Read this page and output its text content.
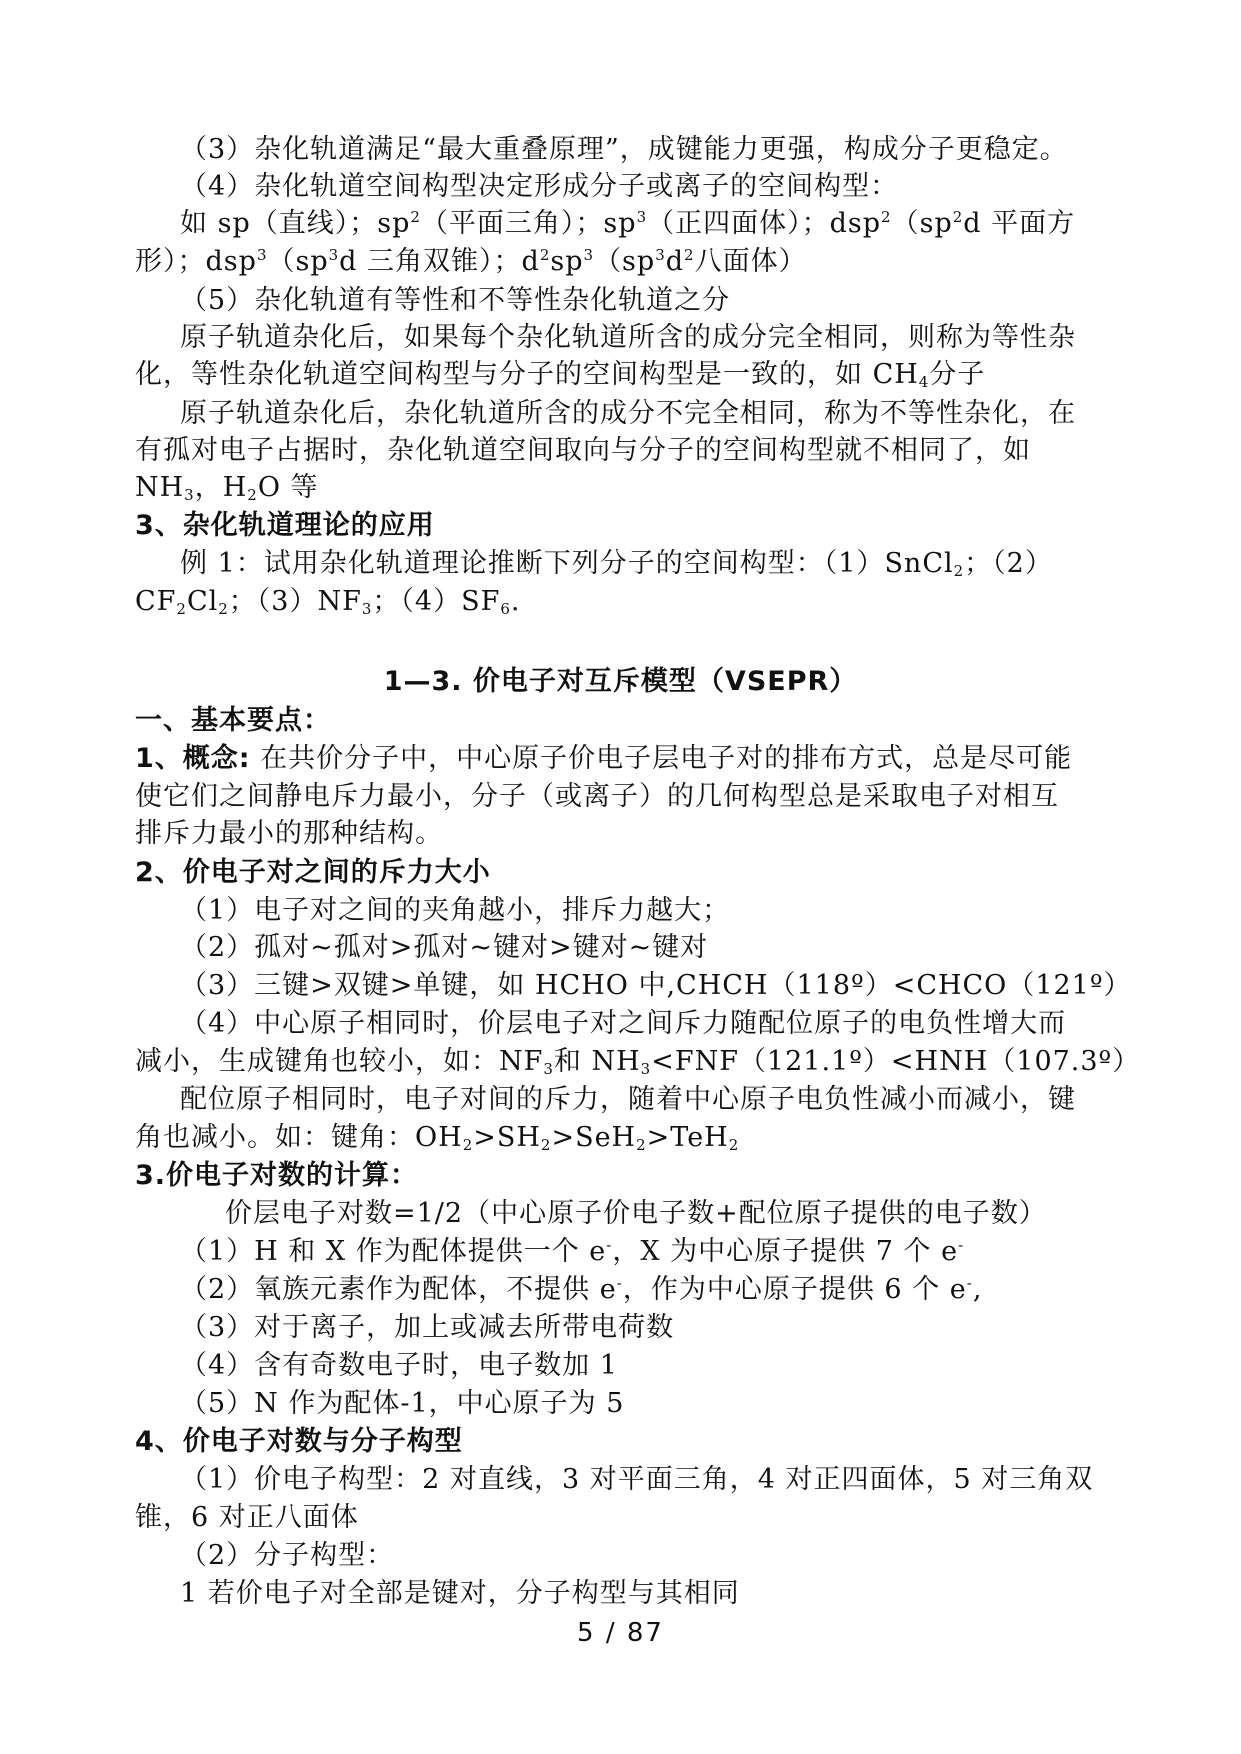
（3）杂化轨道满足“最大重叠原理”，成键能力更强，构成分子更稳定。
（4）杂化轨道空间构型决定形成分子或离子的空间构型：
如 sp（直线）；$sp^2$（平面三角）；$sp^3$（正四面体）；$dsp^2(sp^2d$ 平面方
形）；$dsp^3(sp^3d$ 三角双锥）；$d^2sp^3(sp^3d^2$八面体）
（5）杂化轨道有等性和不等性杂化轨道之分
原子轨道杂化后，如果每个杂化轨道所含的成分完全相同，则称为等性杂
化，等性杂化轨道空间构型与分子的空间构型是一致的，如 $CH_4$分子
原子轨道杂化后，杂化轨道所含的成分不完全相同，称为不等性杂化，在
有孤对电子占据时，杂化轨道空间取向与分子的空间构型就不相同了，如
$NH_3$，$H_2O$ 等
3、杂化轨道理论的应用
例 1：试用杂化轨道理论推断下列分子的空间构型：（1）SnCl$_2$；（2）
$CF_2Cl_2$；$(3)NF_3$；$(4)SF_6$.
1—3. 价电子对互斥模型（VSEPR）
一、基本要点：
1、概念: 在共价分子中，中心原子价电子层电子对的排布方式，总是尽可能
使它们之间静电斥力最小，分子（或离子）的几何构型总是采取电子对相互
排斥力最小的那种结构。
2、价电子对之间的斥力大小
（1）电子对之间的夹角越小，排斥力越大；
（2）孤对~孤对>孤对~键对>键对~键对
（3）三键>双键>单键，如 HCHO 中,CHCH（118º）<CHCO（121º）
（4）中心原子相同时，价层电子对之间斥力随配位原子的电负性增大而
减小，生成键角也较小，如：$NF_3$和 $NH_3<FNF(121.1º)<HNH(107.3º)$
配位原子相同时，电子对间的斥力，随着中心原子电负性减小而减小，键
角也减小。如：键角：$OH_2>SH_2>SeH_2>TeH_2$
3.价电子对数的计算：
价层电子对数=1/2（中心原子价电子数+配位原子提供的电子数）
（1）H 和 X 作为配体提供一个 e-，X 为中心原子提供 7 个 e-
（2）氧族元素作为配体，不提供 e-，作为中心原子提供 6 个 e-,
（3）对于离子，加上或减去所带电荷数
（4）含有奇数电子时，电子数加 1
（5）N 作为配体-1，中心原子为 5
4、价电子对数与分子构型
（1）价电子构型：2 对直线，3 对平面三角，4 对正四面体，5 对三角双
锥，6 对正八面体
（2）分子构型：
1 若价电子对全部是键对，分子构型与其相同
5 / 87
